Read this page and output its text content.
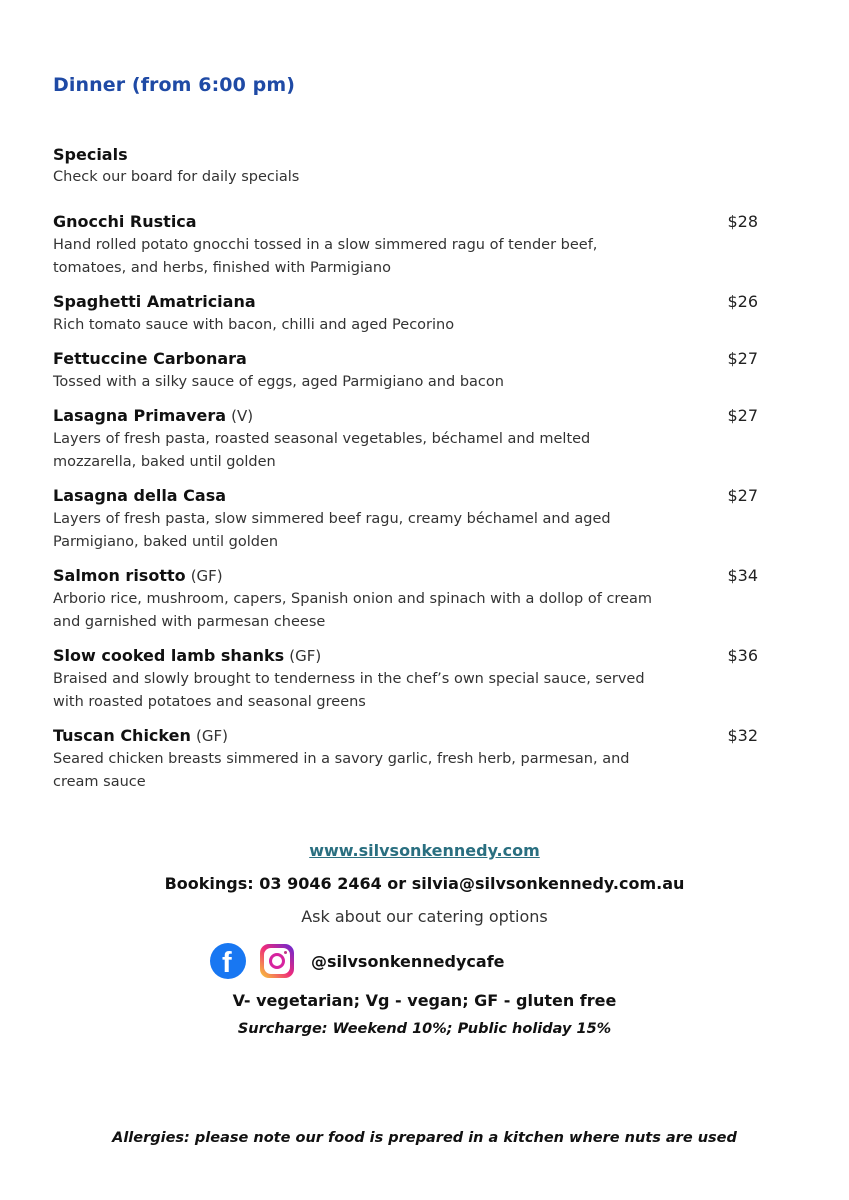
Dinner (from 6:00 pm)
Specials
Check our board for daily specials
Gnocchi Rustica	$28
Hand rolled potato gnocchi tossed in a slow simmered ragu of tender beef, tomatoes, and herbs, finished with Parmigiano
Spaghetti Amatriciana	$26
Rich tomato sauce with bacon, chilli and aged Pecorino
Fettuccine Carbonara	$27
Tossed with a silky sauce of eggs, aged Parmigiano and bacon
Lasagna Primavera (V)	$27
Layers of fresh pasta, roasted seasonal vegetables, béchamel and melted mozzarella, baked until golden
Lasagna della Casa	$27
Layers of fresh pasta, slow simmered beef ragu, creamy béchamel and aged Parmigiano, baked until golden
Salmon risotto (GF)	$34
Arborio rice, mushroom, capers, Spanish onion and spinach with a dollop of cream and garnished with parmesan cheese
Slow cooked lamb shanks (GF)	$36
Braised and slowly brought to tenderness in the chef’s own special sauce, served with roasted potatoes and seasonal greens
Tuscan Chicken (GF)	$32
Seared chicken breasts simmered in a savory garlic, fresh herb, parmesan, and cream sauce
www.silvsonkennedy.com
Bookings: 03 9046 2464 or silvia@silvsonkennedy.com.au
Ask about our catering options
f	@silvsonkennedycafe
V- vegetarian; Vg - vegan; GF - gluten free
Surcharge: Weekend 10%; Public holiday 15%
Allergies: please note our food is prepared in a kitchen where nuts are used
